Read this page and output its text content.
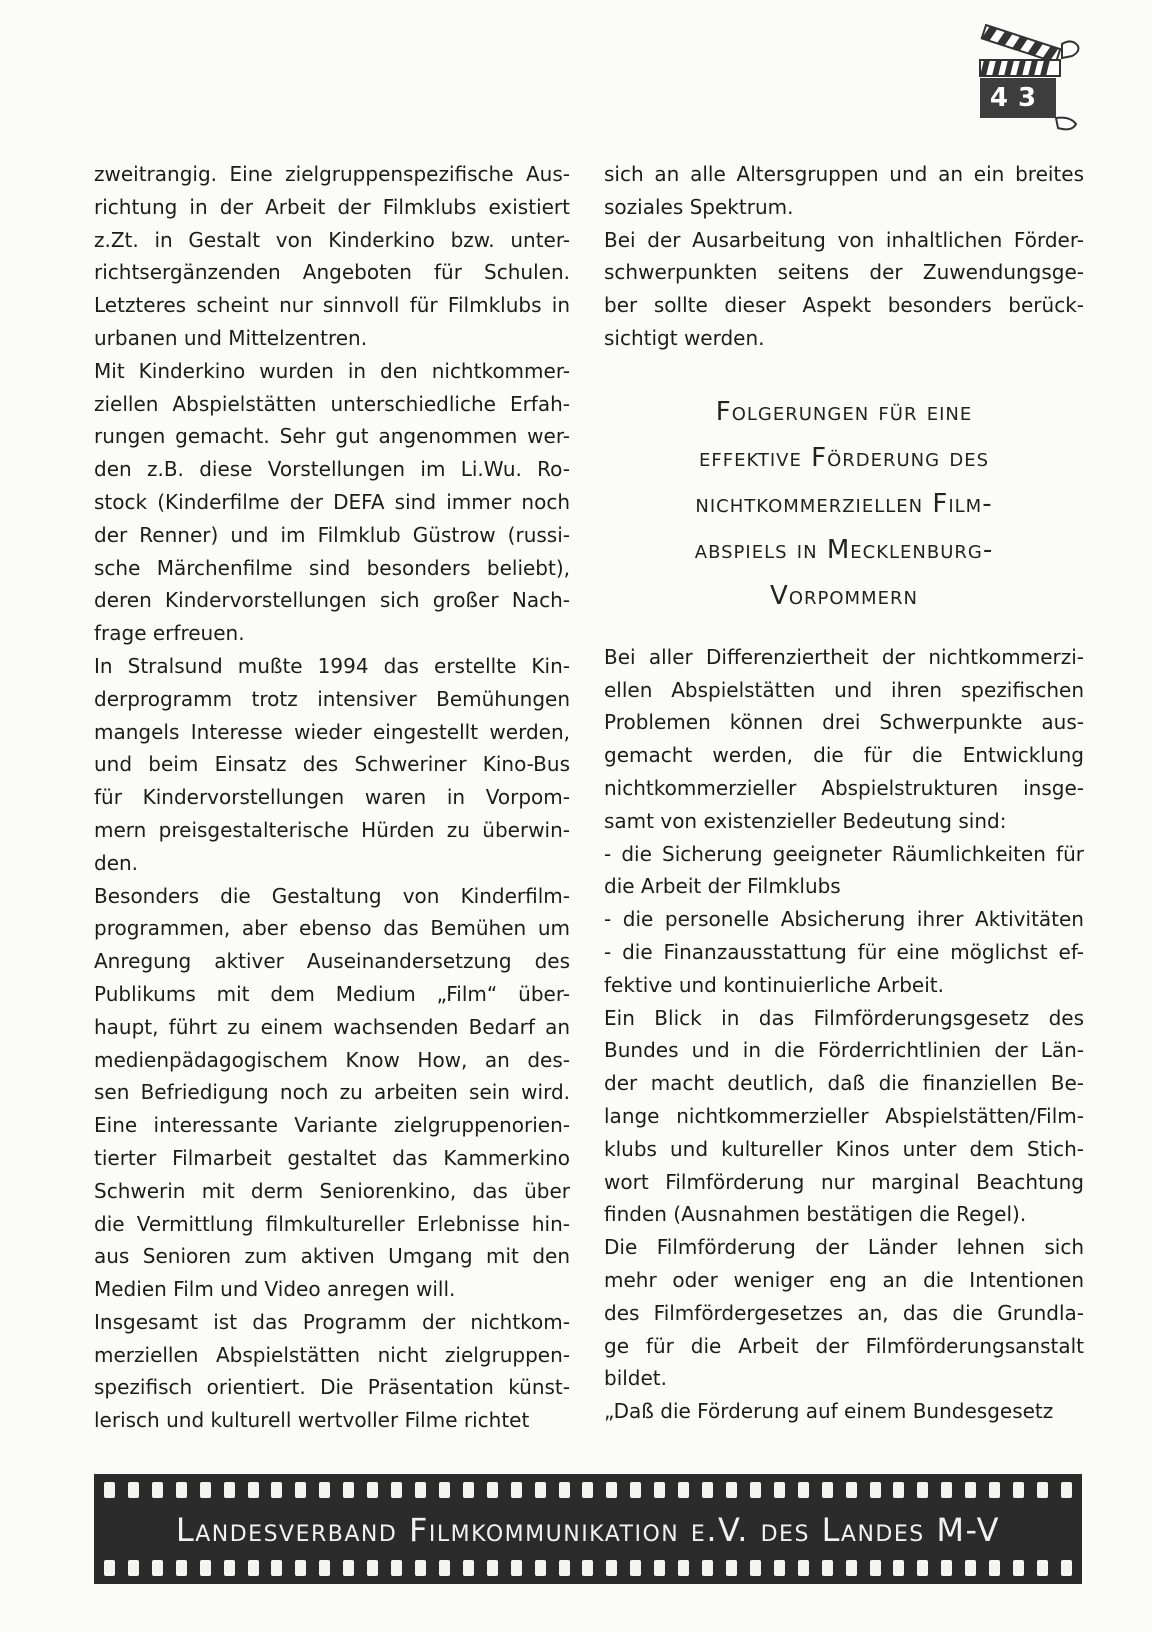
43
zweitrangig. Eine zielgruppenspezifische Aus-
richtung in der Arbeit der Filmklubs existiert
z.Zt. in Gestalt von Kinderkino bzw. unter-
richtsergänzenden Angeboten für Schulen.
Letzteres scheint nur sinnvoll für Filmklubs in
urbanen und Mittelzentren.
Mit Kinderkino wurden in den nichtkommer-
ziellen Abspielstätten unterschiedliche Erfah-
rungen gemacht. Sehr gut angenommen wer-
den z.B. diese Vorstellungen im Li.Wu. Ro-
stock (Kinderfilme der DEFA sind immer noch
der Renner) und im Filmklub Güstrow (russi-
sche Märchenfilme sind besonders beliebt),
deren Kindervorstellungen sich großer Nach-
frage erfreuen.
In Stralsund mußte 1994 das erstellte Kin-
derprogramm trotz intensiver Bemühungen
mangels Interesse wieder eingestellt werden,
und beim Einsatz des Schweriner Kino-Bus
für Kindervorstellungen waren in Vorpom-
mern preisgestalterische Hürden zu überwin-
den.
Besonders die Gestaltung von Kinderfilm-
programmen, aber ebenso das Bemühen um
Anregung aktiver Auseinandersetzung des
Publikums mit dem Medium „Film“ über-
haupt, führt zu einem wachsenden Bedarf an
medienpädagogischem Know How, an des-
sen Befriedigung noch zu arbeiten sein wird.
Eine interessante Variante zielgruppenorien-
tierter Filmarbeit gestaltet das Kammerkino
Schwerin mit derm Seniorenkino, das über
die Vermittlung filmkultureller Erlebnisse hin-
aus Senioren zum aktiven Umgang mit den
Medien Film und Video anregen will.
Insgesamt ist das Programm der nichtkom-
merziellen Abspielstätten nicht zielgruppen-
spezifisch orientiert. Die Präsentation künst-
lerisch und kulturell wertvoller Filme richtet
sich an alle Altersgruppen und an ein breites
soziales Spektrum.
Bei der Ausarbeitung von inhaltlichen Förder-
schwerpunkten seitens der Zuwendungsge-
ber sollte dieser Aspekt besonders berück-
sichtigt werden.
Folgerungen für eine
effektive Förderung des
nichtkommerziellen Film-
abspiels in Mecklenburg-
Vorpommern
Bei aller Differenziertheit der nichtkommerzi-
ellen Abspielstätten und ihren spezifischen
Problemen können drei Schwerpunkte aus-
gemacht werden, die für die Entwicklung
nichtkommerzieller Abspielstrukturen insge-
samt von existenzieller Bedeutung sind:
- die Sicherung geeigneter Räumlichkeiten für
die Arbeit der Filmklubs
- die personelle Absicherung ihrer Aktivitäten
- die Finanzausstattung für eine möglichst ef-
fektive und kontinuierliche Arbeit.
Ein Blick in das Filmförderungsgesetz des
Bundes und in die Förderrichtlinien der Län-
der macht deutlich, daß die finanziellen Be-
lange nichtkommerzieller Abspielstätten/Film-
klubs und kultureller Kinos unter dem Stich-
wort Filmförderung nur marginal Beachtung
finden (Ausnahmen bestätigen die Regel).
Die Filmförderung der Länder lehnen sich
mehr oder weniger eng an die Intentionen
des Filmfördergesetzes an, das die Grundla-
ge für die Arbeit der Filmförderungsanstalt
bildet.
„Daß die Förderung auf einem Bundesgesetz
Landesverband Filmkommunikation e.V. des Landes M-V
